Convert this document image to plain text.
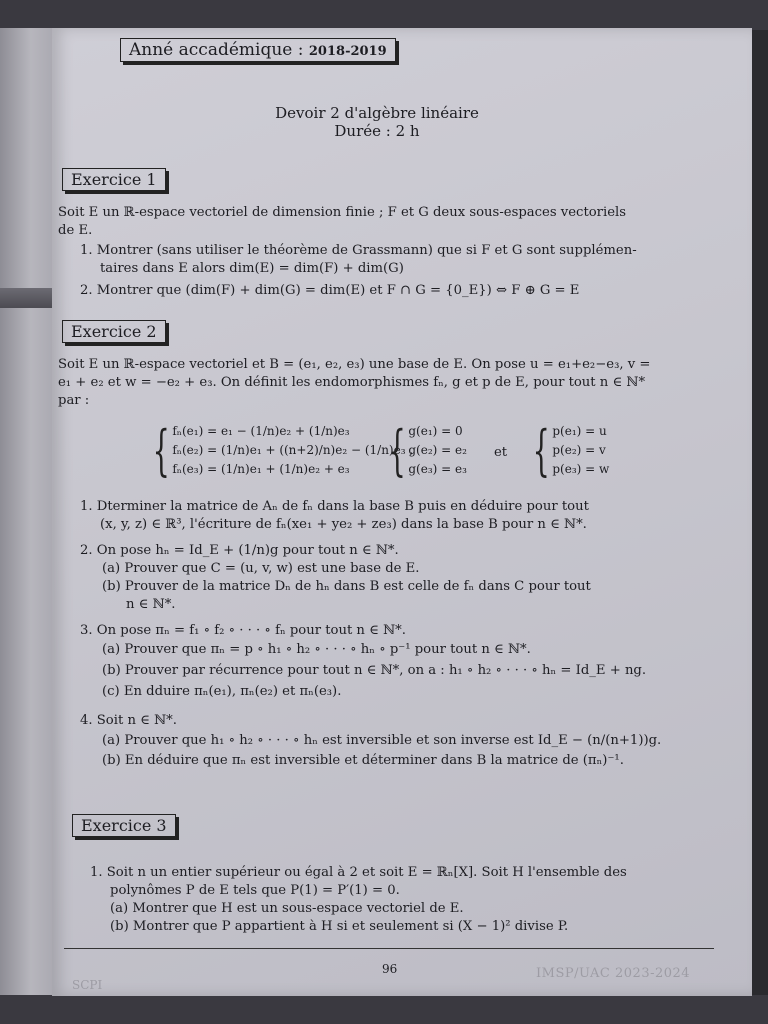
Anné accadémique : 2018-2019
Devoir 2 d'algèbre linéaire
Durée : 2 h
Exercice 1
Soit E un ℝ-espace vectoriel de dimension finie ; F et G deux sous-espaces vectoriels
de E.
1. Montrer (sans utiliser le théorème de Grassmann) que si F et G sont supplémen-
taires dans E alors dim(E) = dim(F) + dim(G)
2. Montrer que (dim(F) + dim(G) = dim(E) et F ∩ G = {0_E}) ⇔ F ⊕ G = E
Exercice 2
Soit E un ℝ-espace vectoriel et B = (e₁, e₂, e₃) une base de E. On pose u = e₁+e₂−e₃, v =
e₁ + e₂ et w = −e₂ + e₃. On définit les endomorphismes fₙ, g et p de E, pour tout n ∈ ℕ*
par :
{ fₙ(e₁) = e₁ − (1/n)e₂ + (1/n)e₃
fₙ(e₂) = (1/n)e₁ + ((n+2)/n)e₂ − (1/n)e₃ ,
fₙ(e₃) = (1/n)e₁ + (1/n)e₂ + e₃ { g(e₁) = 0
g(e₂) = e₂
g(e₃) = e₃
et { p(e₁) = u
p(e₂) = v
p(e₃) = w
1. Dterminer la matrice de Aₙ de fₙ dans la base B puis en déduire pour tout
(x, y, z) ∈ ℝ³, l'écriture de fₙ(xe₁ + ye₂ + ze₃) dans la base B pour n ∈ ℕ*.
2. On pose hₙ = Id_E + (1/n)g pour tout n ∈ ℕ*.
(a) Prouver que C = (u, v, w) est une base de E.
(b) Prouver de la matrice Dₙ de hₙ dans B est celle de fₙ dans C pour tout
n ∈ ℕ*.
3. On pose πₙ = f₁ ∘ f₂ ∘ · · · ∘ fₙ pour tout n ∈ ℕ*.
(a) Prouver que πₙ = p ∘ h₁ ∘ h₂ ∘ · · · ∘ hₙ ∘ p⁻¹ pour tout n ∈ ℕ*.
(b) Prouver par récurrence pour tout n ∈ ℕ*, on a : h₁ ∘ h₂ ∘ · · · ∘ hₙ = Id_E + ng.
(c) En dduire πₙ(e₁), πₙ(e₂) et πₙ(e₃).
4. Soit n ∈ ℕ*.
(a) Prouver que h₁ ∘ h₂ ∘ · · · ∘ hₙ est inversible et son inverse est Id_E − (n/(n+1))g.
(b) En déduire que πₙ est inversible et déterminer dans B la matrice de (πₙ)⁻¹.
Exercice 3
1. Soit n un entier supérieur ou égal à 2 et soit E = ℝₙ[X]. Soit H l'ensemble des
polynômes P de E tels que P(1) = P′(1) = 0.
(a) Montrer que H est un sous-espace vectoriel de E.
(b) Montrer que P appartient à H si et seulement si (X − 1)² divise P.
96	IMSP/UAC 2023-2024
SCPI
